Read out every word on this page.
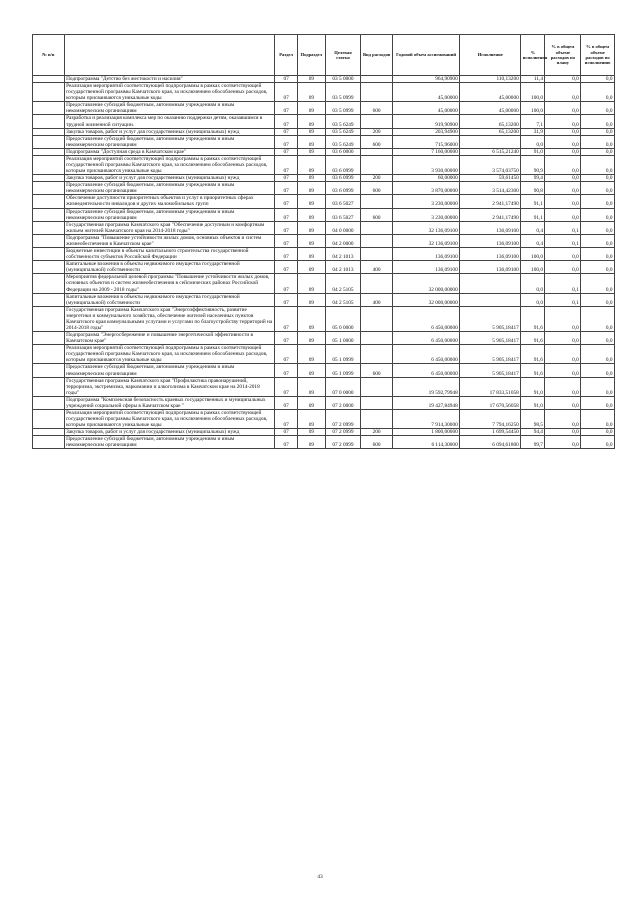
№ п/п		Раздел	Подраздел	Целевая статья	Вид расходов	Годовой объем ассигнований	Исполнение	% исполнения	% в общем объеме расходов по плану	% в общем объеме расходов по исполнению
	Подпрограмма "Детство без жестокости и насилия"	07	09	03 5 0000		964,90900	110,13200	11,4	0,0	0,0
	Реализация мероприятий соответствующей подпрограммы в рамках соответствующей государственной программы Камчатского края, за исключением обособленных расходов, которым присваиваются уникальные коды	07	09	03 5 0999		45,00000	45,00000	100,0	0,0	0,0
	Предоставление субсидий бюджетным, автономным учреждениям и иным некоммерческим организациям	07	09	03 5 0999	600	45,00000	45,00000	100,0	0,0	0,0
	Разработка и реализация комплекса мер по оказанию поддержки детям, оказавшимся в трудной жизненной ситуации.	07	09	03 5 6249		919,90900	65,13200	7,1	0,0	0,0
	Закупка товаров, работ и услуг для государственных (муниципальных) нужд	07	09	03 5 6249	200	203,94900	65,13200	31,9	0,0	0,0
	Предоставление субсидий бюджетным, автономным учреждениям и иным некоммерческим организациям	07	09	03 5 6249	600	715,96000		0,0	0,0	0,0
	Подпрограмма "Доступная среда в Камчатском крае"	07	09	03 6 0000		7 160,00000	6 515,21240	91,0	0,0	0,0
	Реализация мероприятий соответствующей подпрограммы в рамках соответствующей государственной программы Камчатского края, за исключением обособленных расходов, которым присваиваются уникальные коды	07	09	03 6 0999		3 930,00000	3 574,03750	90,9	0,0	0,0
	Закупка товаров, работ и услуг для государственных (муниципальных) нужд	07	09	03 6 0999	200	60,00000	59,61450	99,4	0,0	0,0
	Предоставление субсидий бюджетным, автономным учреждениям и иным некоммерческим организациям	07	09	03 6 0999	600	3 870,00000	3 514,42300	90,8	0,0	0,0
	Обеспечение доступности приоритетных объектов и услуг в приоритетных сферах жизнедеятельности инвалидов и других маломобильных групп	07	09	03 6 5027		3 230,00000	2 941,17490	91,1	0,0	0,0
	Предоставление субсидий бюджетным, автономным учреждениям и иным некоммерческим организациям	07	09	03 6 5027	600	3 230,00000	2 941,17490	91,1	0,0	0,0
	Государственная программа Камчатского края "Обеспечение доступным и комфортным жильем жителей Камчатского края на 2014-2018 годы"	07	09	04 0 0000		32 136,09100	136,09100	0,4	0,1	0,0
	Подпрограмма "Повышение устойчивости жилых домов, основных объектов и систем жизнеобеспечения в Камчатском крае"	07	09	04 2 0000		32 136,09100	136,09100	0,4	0,1	0,0
	Бюджетные инвестиции в объекты капитального строительства государственной собственности субъектов Российской Федерации	07	09	04 2 1013		136,09100	136,09100	100,0	0,0	0,0
	Капитальные вложения в объекты недвижимого имущества государственной (муниципальной) собственности	07	09	04 2 1013	400	136,09100	136,09100	100,0	0,0	0,0
	Мероприятия федеральной целевой программы "Повышение устойчивости жилых домов, основных объектов и систем жизнеобеспечения в сейсмических районах Российской Федерации на 2009 - 2018 годы"	07	09	04 2 5105		32 000,00000		0,0	0,1	0,0
	Капитальные вложения в объекты недвижимого имущества государственной (муниципальной) собственности	07	09	04 2 5105	400	32 000,00000		0,0	0,1	0,0
	Государственная программа Камчатского края "Энергоэффективность, развитие энергетики и коммунального хозяйства, обеспечение жителей населенных пунктов Камчатского края коммунальными услугами и услугами по благоустройству территорий на 2014-2018 годы"	07	09	05 0 0000		6 450,00000	5 905,18417	91,6	0,0	0,0
	Подпрограмма "Энергосбережение и повышение энергетической эффективности в Камчатском крае"	07	09	05 1 0000		6 450,00000	5 905,18417	91,6	0,0	0,0
	Реализация мероприятий соответствующей подпрограммы в рамках соответствующей государственной программы Камчатского края, за исключением обособленных расходов, которым присваиваются уникальные коды	07	09	05 1 0999		6 450,00000	5 905,18417	91,6	0,0	0,0
	Предоставление субсидий бюджетным, автономным учреждениям и иным некоммерческим организациям	07	09	05 1 0999	600	6 450,00000	5 905,18417	91,6	0,0	0,0
	Государственная программа Камчатского края "Профилактика правонарушений, терроризма, экстремизма, наркомании и алкоголизма в Камчатском крае на 2014-2018 годы"	07	09	07 0 0000		19 592,79948	17 833,51058	91,0	0,0	0,0
	Подпрограмма "Комплексная безопасность краевых государственных и муниципальных учреждений социальной сферы в Камчатском крае "	07	09	07 2 0000		19 427,84948	17 670,56058	91,0	0,0	0,0
	Реализация мероприятий соответствующей подпрограммы в рамках соответствующей государственной программы Камчатского края, за исключением обособленных расходов, которым присваиваются уникальные коды	07	09	07 2 0999		7 914,30000	7 794,16250	98,5	0,0	0,0
	Закупка товаров, работ и услуг для государственных (муниципальных) нужд	07	09	07 2 0999	200	1 800,00000	1 699,54450	94,4	0,0	0,0
	Предоставление субсидий бюджетным, автономным учреждениям и иным некоммерческим организациям	07	09	07 2 0999	600	6 114,30000	6 094,61800	99,7	0,0	0,0
43
